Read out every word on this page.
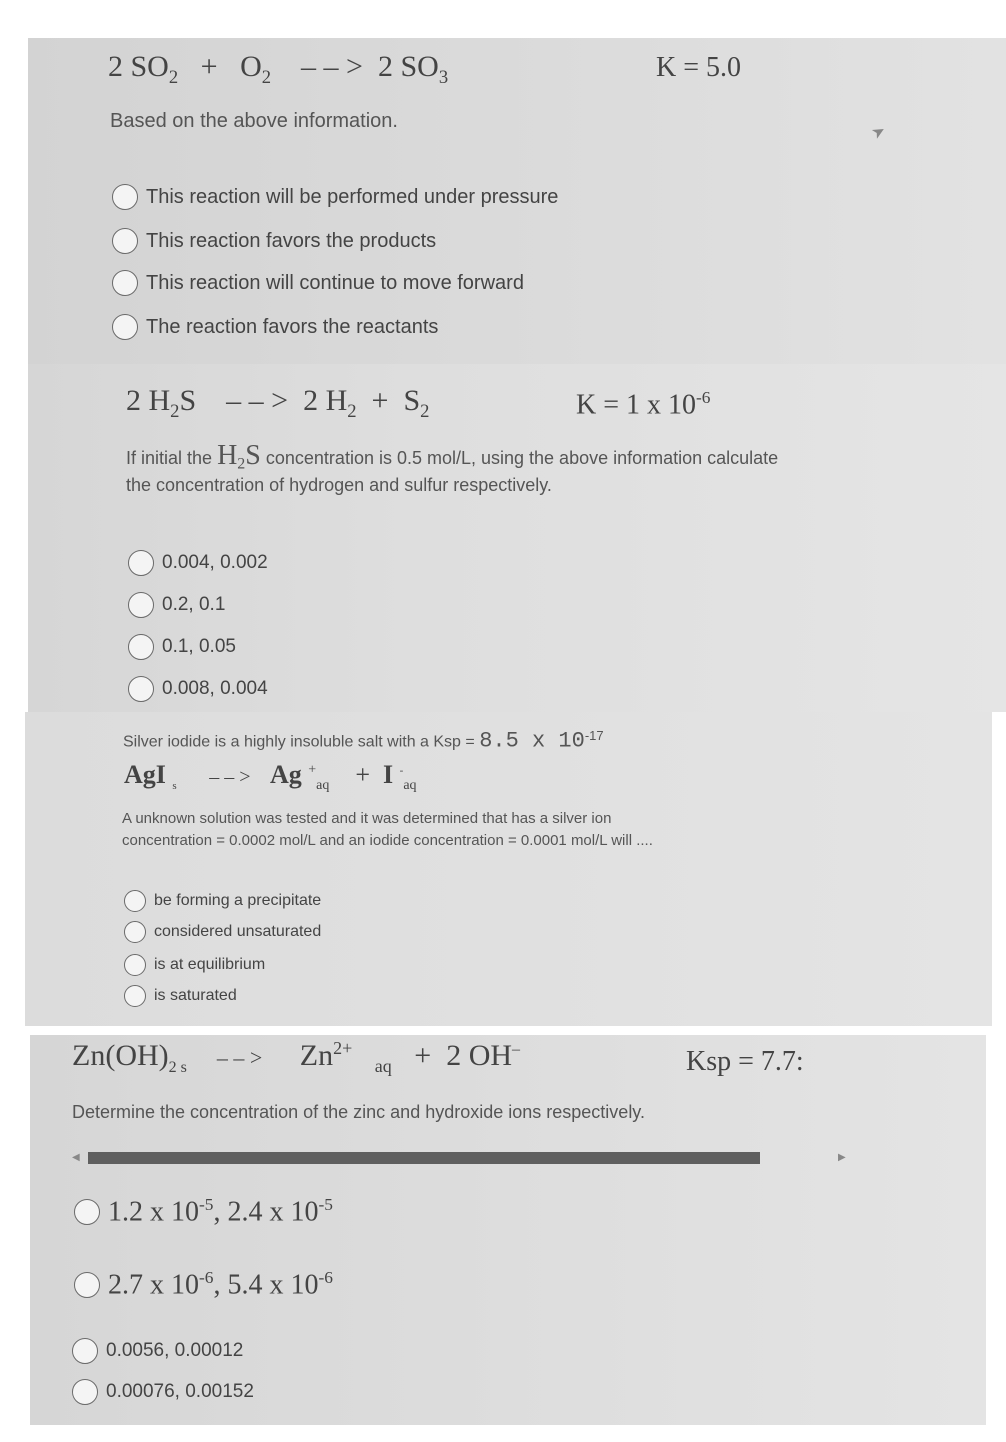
2 $SO_2 + O_2$ – – > 2 $SO_3$	K = 5.0
Based on the above information.
➤
This reaction will be performed under pressure
This reaction favors the products
This reaction will continue to move forward
The reaction favors the reactants
2 $H_2S$ – – > 2 $H_2 + S_2$	K = 1 x $10^{-6}$
If initial the $H_2S$ concentration is 0.5 mol/L, using the above information calculate
the concentration of hydrogen and sulfur respectively.
0.004, 0.002
0.2, 0.1
0.1, 0.05
0.008, 0.004
Silver iodide is a highly insoluble salt with a Ksp = 8.5 x $10^{-17}$
AgI $_s$ – – > Ag +$_{aq}$ + I -$_{aq}$
A unknown solution was tested and it was determined that has a silver ion
concentration = 0.0002 mol/L and an iodide concentration = 0.0001 mol/L will ....
be forming a precipitate
considered unsaturated
is at equilibrium
is saturated
$Zn(OH)_{2 s}$ – – > $Zn^{2+}$   $_{aq}$ + 2 OH–	Ksp = 7.7:
Determine the concentration of the zinc and hydroxide ions respectively.
◀	▶
1.2 x $10^{-5}$, 2.4 x $10^{-5}$
2.7 x $10^{-6}$, 5.4 x $10^{-6}$
0.0056, 0.00012
0.00076, 0.00152
